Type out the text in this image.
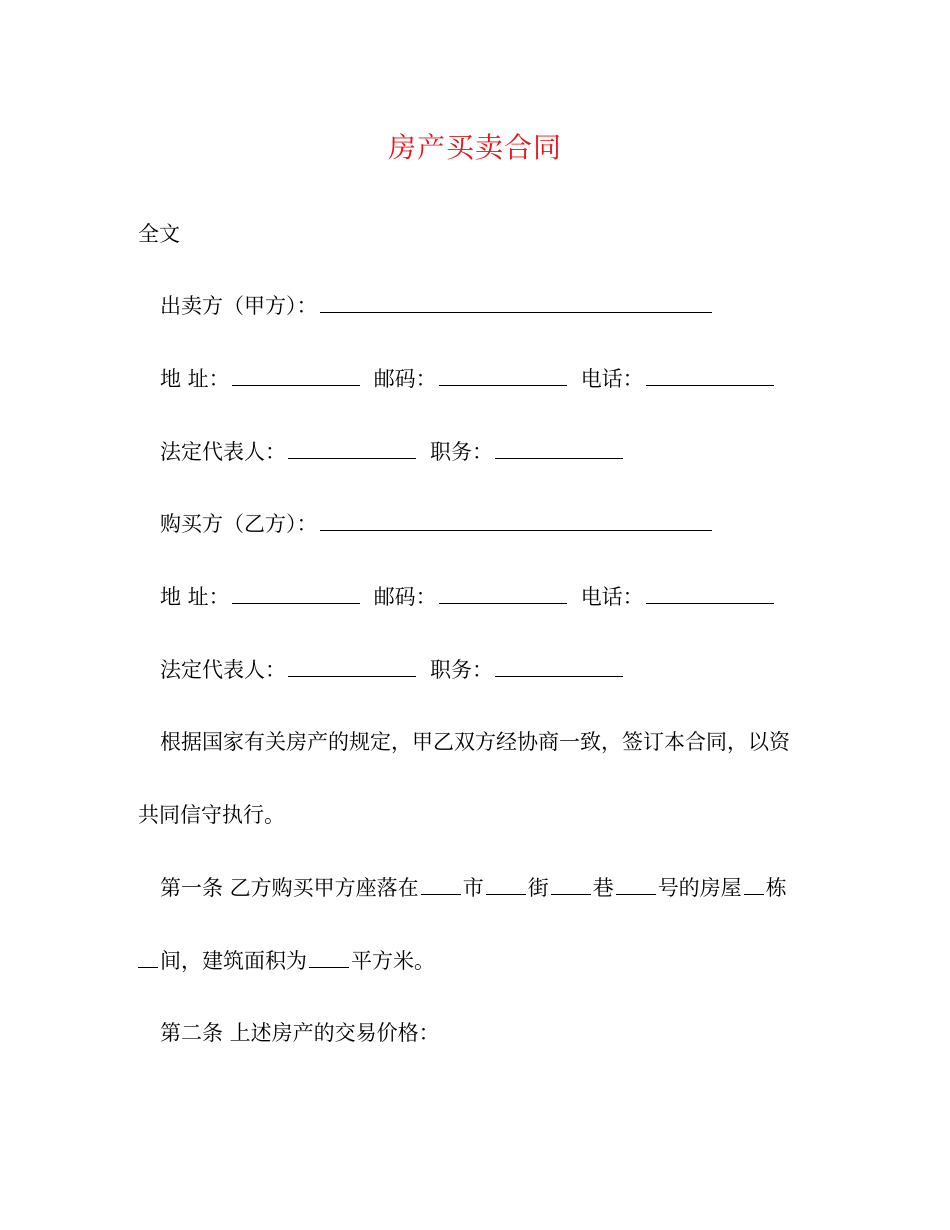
房产买卖合同
全文
出卖方（甲方）：
地 址：	邮码：	电话：
法定代表人：	职务：
购买方（乙方）：
地 址：	邮码：	电话：
法定代表人：	职务：
根据国家有关房产的规定，甲乙双方经协商一致，签订本合同，以资
共同信守执行。
第一条 乙方购买甲方座落在 市 街 巷 号的房屋 栋
间，建筑面积为 平方米。
第二条 上述房产的交易价格：
